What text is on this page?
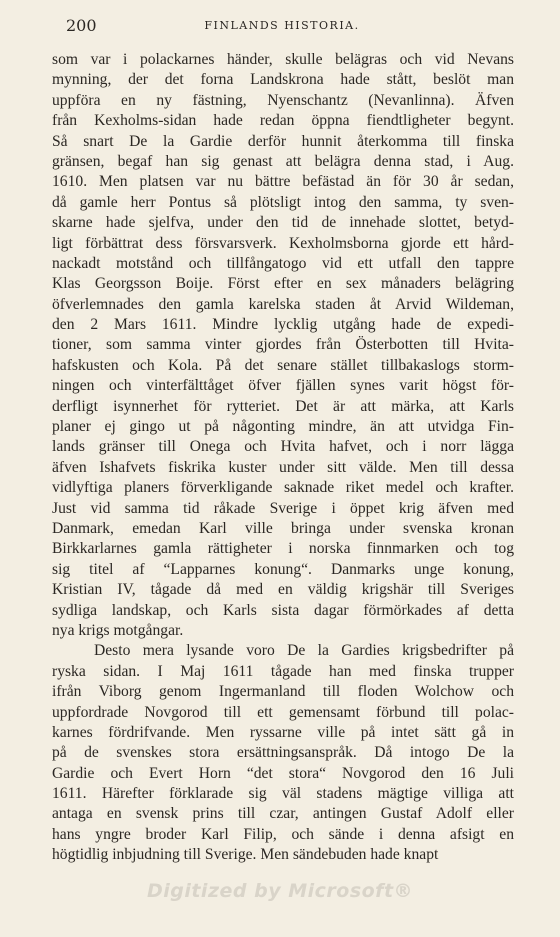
200	FINLANDS HISTORIA.
som var i polackarnes händer, skulle belägras och vid Nevans
mynning, der det forna Landskrona hade stått, beslöt man
uppföra en ny fästning, Nyenschantz (Nevanlinna). Äfven
från Kexholms-sidan hade redan öppna fiendtligheter begynt.
Så snart De la Gardie derför hunnit återkomma till finska
gränsen, begaf han sig genast att belägra denna stad, i Aug.
1610. Men platsen var nu bättre befästad än för 30 år sedan,
då gamle herr Pontus så plötsligt intog den samma, ty sven-
skarne hade sjelfva, under den tid de innehade slottet, betyd-
ligt förbättrat dess försvarsverk. Kexholmsborna gjorde ett hård-
nackadt motstånd och tillfångatogo vid ett utfall den tappre
Klas Georgsson Boije. Först efter en sex månaders belägring
öfverlemnades den gamla karelska staden åt Arvid Wildeman,
den 2 Mars 1611. Mindre lycklig utgång hade de expedi-
tioner, som samma vinter gjordes från Österbotten till Hvita-
hafskusten och Kola. På det senare stället tillbakaslogs storm-
ningen och vinterfälttåget öfver fjällen synes varit högst för-
derfligt isynnerhet för rytteriet. Det är att märka, att Karls
planer ej gingo ut på någonting mindre, än att utvidga Fin-
lands gränser till Onega och Hvita hafvet, och i norr lägga
äfven Ishafvets fiskrika kuster under sitt välde. Men till dessa
vidlyftiga planers förverkligande saknade riket medel och krafter.
Just vid samma tid råkade Sverige i öppet krig äfven med
Danmark, emedan Karl ville bringa under svenska kronan
Birkkarlarnes gamla rättigheter i norska finnmarken och tog
sig titel af “Lapparnes konung“. Danmarks unge konung,
Kristian IV, tågade då med en väldig krigshär till Sveriges
sydliga landskap, och Karls sista dagar förmörkades af detta
nya krigs motgångar.
Desto mera lysande voro De la Gardies krigsbedrifter på
ryska sidan. I Maj 1611 tågade han med finska trupper
ifrån Viborg genom Ingermanland till floden Wolchow och
uppfordrade Novgorod till ett gemensamt förbund till polac-
karnes fördrifvande. Men ryssarne ville på intet sätt gå in
på de svenskes stora ersättningsanspråk. Då intogo De la
Gardie och Evert Horn “det stora“ Novgorod den 16 Juli
1611. Härefter förklarade sig väl stadens mägtige villiga att
antaga en svensk prins till czar, antingen Gustaf Adolf eller
hans yngre broder Karl Filip, och sände i denna afsigt en
högtidlig inbjudning till Sverige. Men sändebuden hade knapt
Digitized by Microsoft®
